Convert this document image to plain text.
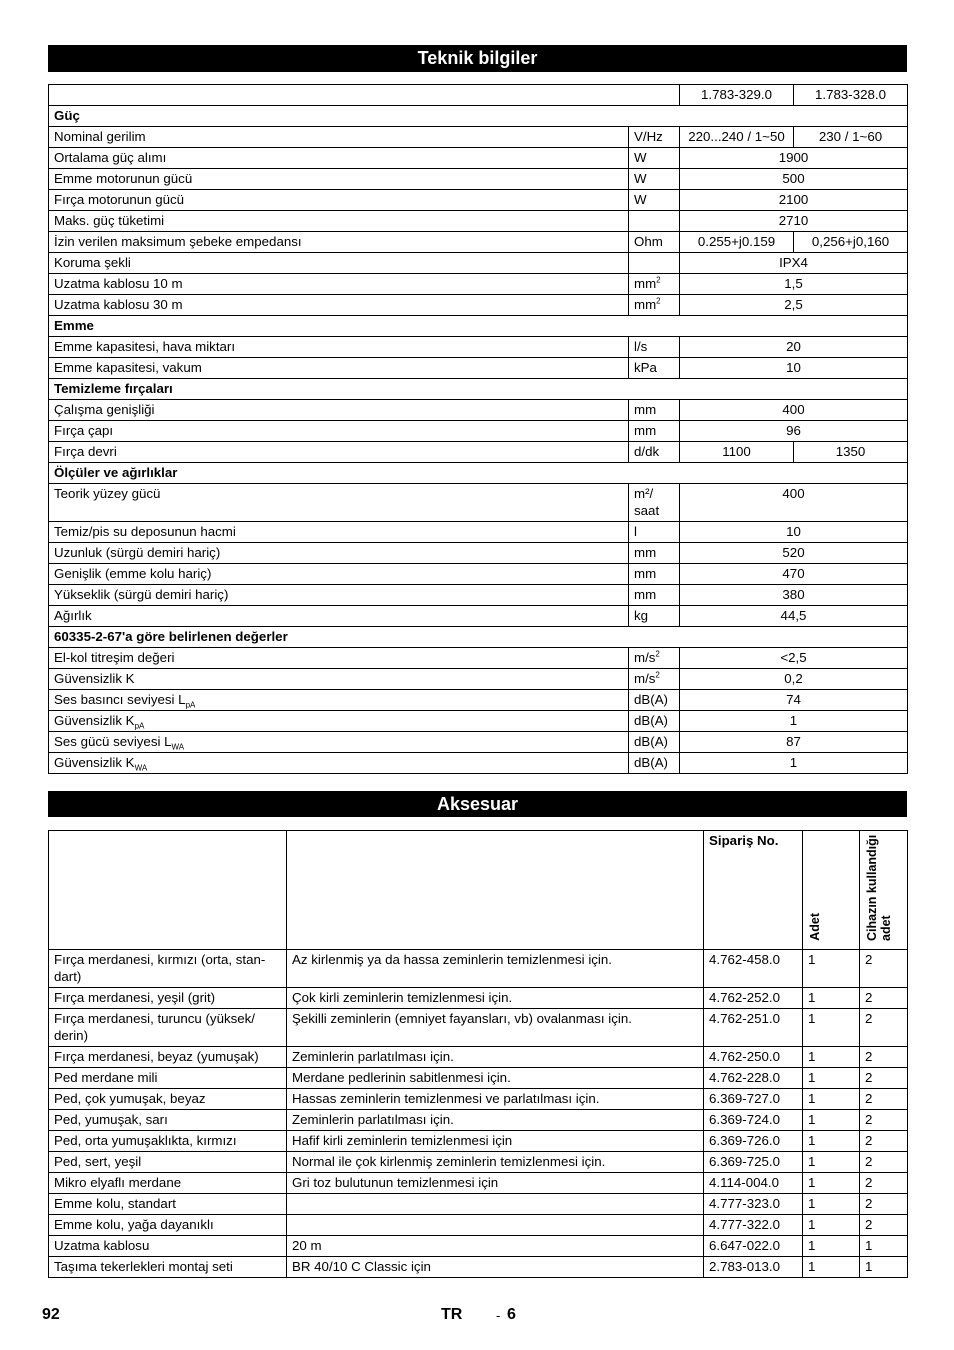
Teknik bilgiler
		1.783-329.0	1.783-328.0
Güç			
Nominal gerilim	V/Hz	220...240 / 1~50	230 / 1~60
Ortalama güç alımı	W	1900	
Emme motorunun gücü	W	500	
Fırça motorunun gücü	W	2100	
Maks. güç tüketimi		2710	
İzin verilen maksimum şebeke empedansı	Ohm	0.255+j0.159	0,256+j0,160
Koruma şekli		IPX4	
Uzatma kablosu 10 m	$mm^2$	1,5	
Uzatma kablosu 30 m	$mm^2$	2,5	
Emme			
Emme kapasitesi, hava miktarı	l/s	20	
Emme kapasitesi, vakum	kPa	10	
Temizleme fırçaları			
Çalışma genişliği	mm	400	
Fırça çapı	mm	96	
Fırça devri	d/dk	1100	1350
Ölçüler ve ağırlıklar			
Teorik yüzey gücü	m²/ saat	400	
Temiz/pis su deposunun hacmi	l	10	
Uzunluk (sürgü demiri hariç)	mm	520	
Genişlik (emme kolu hariç)	mm	470	
Yükseklik (sürgü demiri hariç)	mm	380	
Ağırlık	kg	44,5	
60335-2-67'a göre belirlenen değerler			
El-kol titreşim değeri	$m/s^2$	<2,5	
Güvensizlik K	$m/s^2$	0,2	
Ses basıncı seviyesi $L_{pA}$	dB(A)	74	
Güvensizlik $K_{pA}$	dB(A)	1	
Ses gücü seviyesi $L_{WA}$	dB(A)	87	
Güvensizlik $K_{WA}$	dB(A)	1	
Aksesuar
		Sipariş No.	Adet	Cihazın kullandığı adet
Fırça merdanesi, kırmızı (orta, stan-dart)	Az kirlenmiş ya da hassa zeminlerin temizlenmesi için.	4.762-458.0	1	2
Fırça merdanesi, yeşil (grit)	Çok kirli zeminlerin temizlenmesi için.	4.762-252.0	1	2
Fırça merdanesi, turuncu (yüksek/ derin)	Şekilli zeminlerin (emniyet fayansları, vb) ovalanması için.	4.762-251.0	1	2
Fırça merdanesi, beyaz (yumuşak)	Zeminlerin parlatılması için.	4.762-250.0	1	2
Ped merdane mili	Merdane pedlerinin sabitlenmesi için.	4.762-228.0	1	2
Ped, çok yumuşak, beyaz	Hassas zeminlerin temizlenmesi ve parlatılması için.	6.369-727.0	1	2
Ped, yumuşak, sarı	Zeminlerin parlatılması için.	6.369-724.0	1	2
Ped, orta yumuşaklıkta, kırmızı	Hafif kirli zeminlerin temizlenmesi için	6.369-726.0	1	2
Ped, sert, yeşil	Normal ile çok kirlenmiş zeminlerin temizlenmesi için.	6.369-725.0	1	2
Mikro elyaflı merdane	Gri toz bulutunun temizlenmesi için	4.114-004.0	1	2
Emme kolu, standart		4.777-323.0	1	2
Emme kolu, yağa dayanıklı		4.777-322.0	1	2
Uzatma kablosu	20 m	6.647-022.0	1	1
Taşıma tekerlekleri montaj seti	BR 40/10 C Classic için	2.783-013.0	1	1
92	TR	- 6
